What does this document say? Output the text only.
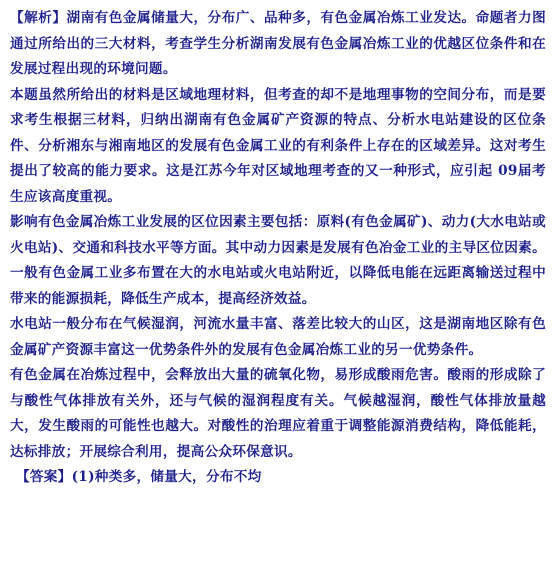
【解析】湖南有色金属储量大，分布广、品种多，有色金属冶炼工业发达。命题者力图通过所给出的三大材料，考查学生分析湖南发展有色金属冶炼工业的优越区位条件和在发展过程出现的环境问题。

本题虽然所给出的材料是区域地理材料，但考查的却不是地理事物的空间分布，而是要求考生根据三材料，归纳出湖南有色金属矿产资源的特点、分析水电站建设的区位条件、分析湘东与湘南地区的发展有色金属工业的有利条件上存在的区域差异。这对考生提出了较高的能力要求。这是江苏今年对区域地理考查的又一种形式，应引起 09届考生应该高度重视。

影响有色金属冶炼工业发展的区位因素主要包括：原料(有色金属矿)、动力(大水电站或火电站)、交通和科技水平等方面。其中动力因素是发展有色冶金工业的主导区位因素。一般有色金属工业多布置在大的水电站或火电站附近，以降低电能在远距离输送过程中带来的能源损耗，降低生产成本，提高经济效益。

水电站一般分布在气候湿润，河流水量丰富、落差比较大的山区，这是湖南地区除有色金属矿产资源丰富这一优势条件外的发展有色金属冶炼工业的另一优势条件。

有色金属在冶炼过程中，会释放出大量的硫氧化物，易形成酸雨危害。酸雨的形成除了与酸性气体排放有关外，还与气候的湿润程度有关。气候越湿润，酸性气体排放量越大，发生酸雨的可能性也越大。对酸性的治理应着重于调整能源消费结构，降低能耗，达标排放；开展综合利用，提高公众环保意识。

【答案】(1)种类多，储量大，分布不均
